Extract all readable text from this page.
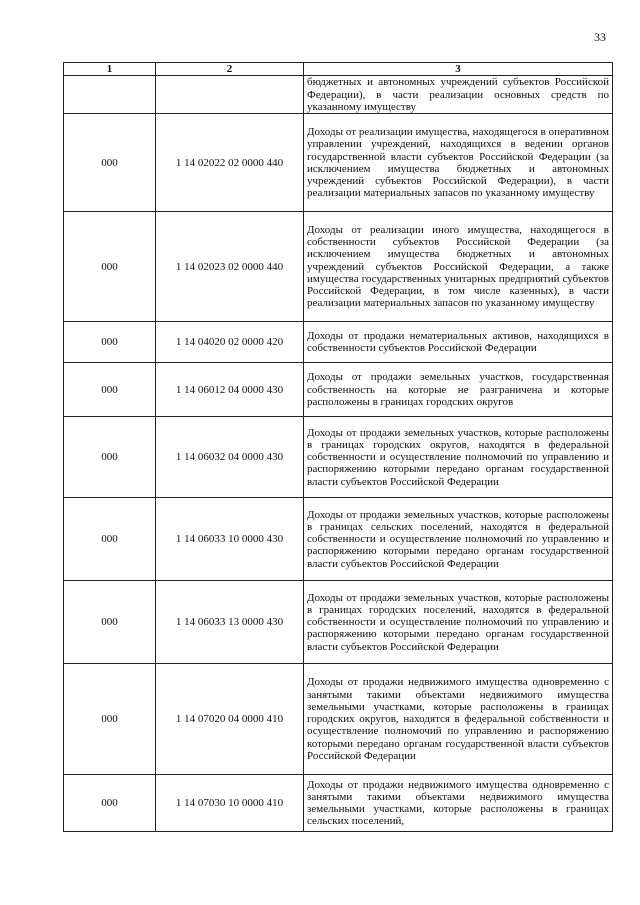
33
1	2	3
		бюджетных и автономных учреждений субъектов Российской Федерации), в части реализации основных средств по указанному имуществу
000	1 14 02022 02 0000 440	Доходы от реализации имущества, находящегося в оперативном управлении учреждений, находящихся в ведении органов государственной власти субъектов Российской Федерации (за исключением имущества бюджетных и автономных учреждений субъектов Российской Федерации), в части реализации материальных запасов по указанному имуществу
000	1 14 02023 02 0000 440	Доходы от реализации иного имущества, находящегося в собственности субъектов Российской Федерации (за исключением имущества бюджетных и автономных учреждений субъектов Российской Федерации, а также имущества государственных унитарных предприятий субъектов Российской Федерации, в том числе казенных), в части реализации материальных запасов по указанному имуществу
000	1 14 04020 02 0000 420	Доходы от продажи нематериальных активов, находящихся в собственности субъектов Российской Федерации
000	1 14 06012 04 0000 430	Доходы от продажи земельных участков, государственная собственность на которые не разграничена и которые расположены в границах городских округов
000	1 14 06032 04 0000 430	Доходы от продажи земельных участков, которые расположены в границах городских округов, находятся в федеральной собственности и осуществление полномочий по управлению и распоряжению которыми передано органам государственной власти субъектов Российской Федерации
000	1 14 06033 10 0000 430	Доходы от продажи земельных участков, которые расположены в границах сельских поселений, находятся в федеральной собственности и осуществление полномочий по управлению и распоряжению которыми передано органам государственной власти субъектов Российской Федерации
000	1 14 06033 13 0000 430	Доходы от продажи земельных участков, которые расположены в границах городских поселений, находятся в федеральной собственности и осуществление полномочий по управлению и распоряжению которыми передано органам государственной власти субъектов Российской Федерации
000	1 14 07020 04 0000 410	Доходы от продажи недвижимого имущества одновременно с занятыми такими объектами недвижимого имущества земельными участками, которые расположены в границах городских округов, находятся в федеральной собственности и осуществление полномочий по управлению и распоряжению которыми передано органам государственной власти субъектов Российской Федерации
000	1 14 07030 10 0000 410	Доходы от продажи недвижимого имущества одновременно с занятыми такими объектами недвижимого имущества земельными участками, которые расположены в границах сельских поселений,
